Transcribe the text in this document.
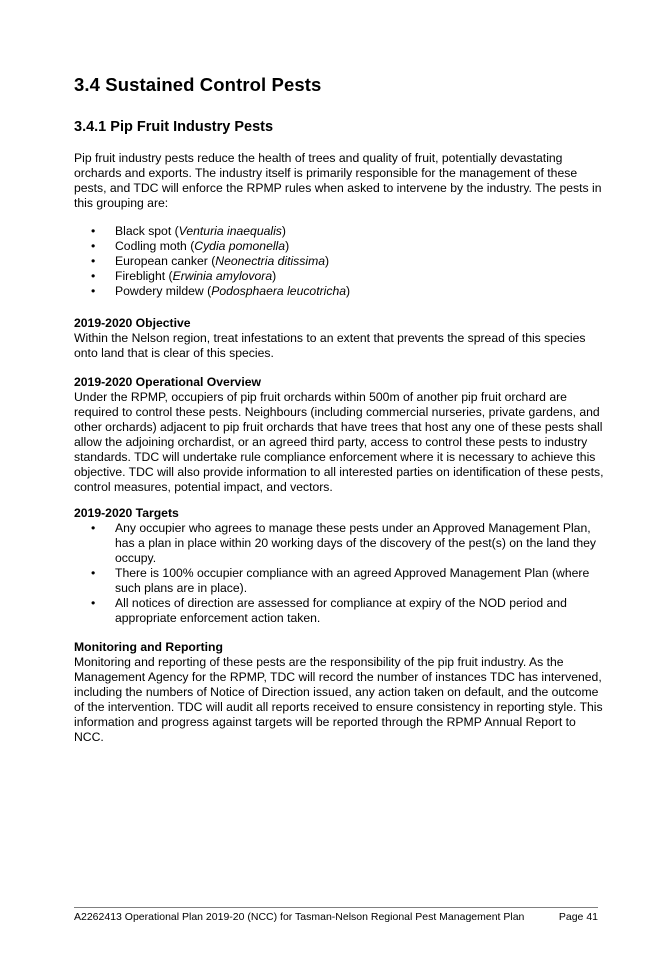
3.4 Sustained Control Pests
3.4.1 Pip Fruit Industry Pests

Pip fruit industry pests reduce the health of trees and quality of fruit, potentially devastating orchards and exports. The industry itself is primarily responsible for the management of these pests, and TDC will enforce the RPMP rules when asked to intervene by the industry. The pests in this grouping are:

• Black spot (Venturia inaequalis)
• Codling moth (Cydia pomonella)
• European canker (Neonectria ditissima)
• Fireblight (Erwinia amylovora)
• Powdery mildew (Podosphaera leucotricha)

2019-2020 Objective

Within the Nelson region, treat infestations to an extent that prevents the spread of this species onto land that is clear of this species.

2019-2020 Operational Overview

Under the RPMP, occupiers of pip fruit orchards within 500m of another pip fruit orchard are required to control these pests. Neighbours (including commercial nurseries, private gardens, and other orchards) adjacent to pip fruit orchards that have trees that host any one of these pests shall allow the adjoining orchardist, or an agreed third party, access to control these pests to industry standards. TDC will undertake rule compliance enforcement where it is necessary to achieve this objective. TDC will also provide information to all interested parties on identification of these pests, control measures, potential impact, and vectors.

2019-2020 Targets

• Any occupier who agrees to manage these pests under an Approved Management Plan, has a plan in place within 20 working days of the discovery of the pest(s) on the land they occupy.
• There is 100% occupier compliance with an agreed Approved Management Plan (where such plans are in place).
• All notices of direction are assessed for compliance at expiry of the NOD period and appropriate enforcement action taken.

Monitoring and Reporting

Monitoring and reporting of these pests are the responsibility of the pip fruit industry. As the Management Agency for the RPMP, TDC will record the number of instances TDC has intervened, including the numbers of Notice of Direction issued, any action taken on default, and the outcome of the intervention. TDC will audit all reports received to ensure consistency in reporting style. This information and progress against targets will be reported through the RPMP Annual Report to NCC.

A2262413 Operational Plan 2019-20 (NCC) for Tasman-Nelson Regional Pest Management Plan	Page 41
